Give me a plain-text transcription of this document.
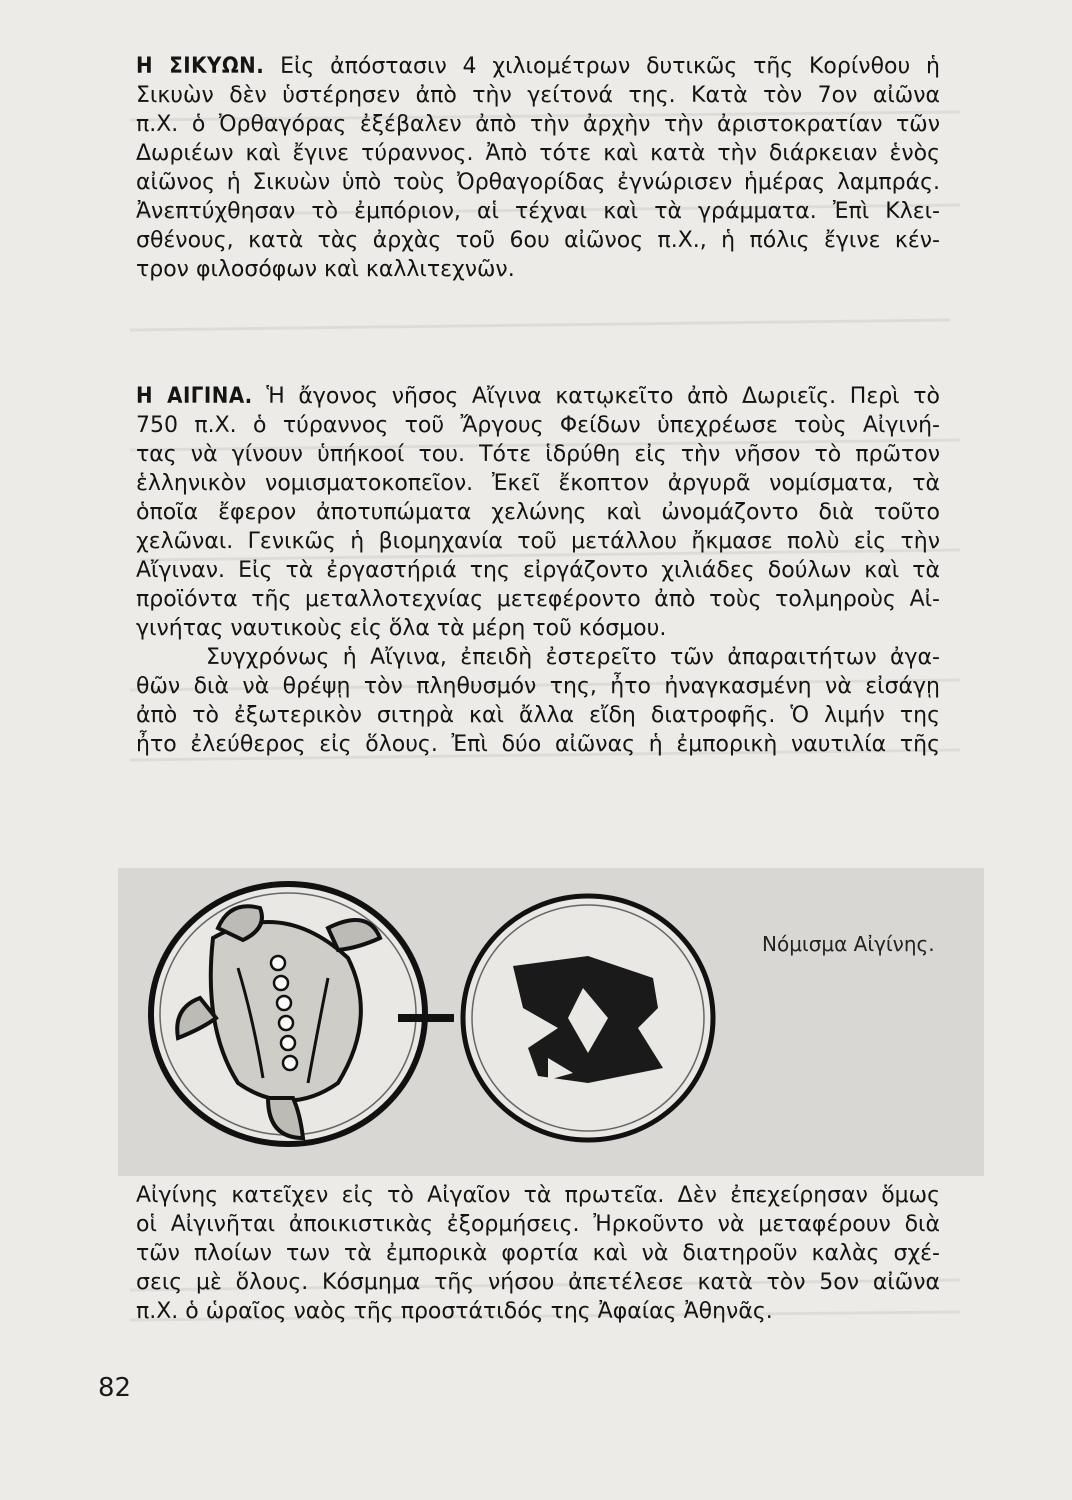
Η ΣΙΚΥΩΝ. Εἰς ἀπόστασιν 4 χιλιομέτρων δυτικῶς τῆς Κορίνθου ἡ
Σικυὼν δὲν ὑστέρησεν ἀπὸ τὴν γείτονά της. Κατὰ τὸν 7ον αἰῶνα
π.Χ. ὁ Ὀρθαγόρας ἐξέβαλεν ἀπὸ τὴν ἀρχὴν τὴν ἀριστοκρατίαν τῶν
Δωριέων καὶ ἔγινε τύραννος. Ἀπὸ τότε καὶ κατὰ τὴν διάρκειαν ἑνὸς
αἰῶνος ἡ Σικυὼν ὑπὸ τοὺς Ὀρθαγορίδας ἐγνώρισεν ἡμέρας λαμπράς.
Ἀνεπτύχθησαν τὸ ἐμπόριον, αἱ τέχναι καὶ τὰ γράμματα. Ἐπὶ Κλει-
σθένους, κατὰ τὰς ἀρχὰς τοῦ 6ου αἰῶνος π.Χ., ἡ πόλις ἔγινε κέν-
τρον φιλοσόφων καὶ καλλιτεχνῶν.
Η ΑΙΓΙΝΑ. Ἡ ἄγονος νῆσος Αἴγινα κατῳκεῖτο ἀπὸ Δωριεῖς. Περὶ τὸ
750 π.Χ. ὁ τύραννος τοῦ Ἄργους Φείδων ὑπεχρέωσε τοὺς Αἰγινή-
τας νὰ γίνουν ὑπήκοοί του. Τότε ἱδρύθη εἰς τὴν νῆσον τὸ πρῶτον
ἑλληνικὸν νομισματοκοπεῖον. Ἐκεῖ ἔκοπτον ἀργυρᾶ νομίσματα, τὰ
ὁποῖα ἔφερον ἀποτυπώματα χελώνης καὶ ὠνομάζοντο διὰ τοῦτο
χελῶναι. Γενικῶς ἡ βιομηχανία τοῦ μετάλλου ἤκμασε πολὺ εἰς τὴν
Αἴγιναν. Εἰς τὰ ἐργαστήριά της εἰργάζοντο χιλιάδες δούλων καὶ τὰ
προϊόντα τῆς μεταλλοτεχνίας μετεφέροντο ἀπὸ τοὺς τολμηροὺς Αἰ-
γινήτας ναυτικοὺς εἰς ὅλα τὰ μέρη τοῦ κόσμου.
Συγχρόνως ἡ Αἴγινα, ἐπειδὴ ἐστερεῖτο τῶν ἀπαραιτήτων ἀγα-
θῶν διὰ νὰ θρέψῃ τὸν πληθυσμόν της, ἦτο ἠναγκασμένη νὰ εἰσάγῃ
ἀπὸ τὸ ἐξωτερικὸν σιτηρὰ καὶ ἄλλα εἴδη διατροφῆς. Ὁ λιμήν της
ἦτο ἐλεύθερος εἰς ὅλους. Ἐπὶ δύο αἰῶνας ἡ ἐμπορικὴ ναυτιλία τῆς
Νόμισμα Αἰγίνης.
Αἰγίνης κατεῖχεν εἰς τὸ Αἰγαῖον τὰ πρωτεῖα. Δὲν ἐπεχείρησαν ὅμως
οἱ Αἰγινῆται ἀποικιστικὰς ἐξορμήσεις. Ἠρκοῦντο νὰ μεταφέρουν διὰ
τῶν πλοίων των τὰ ἐμπορικὰ φορτία καὶ νὰ διατηροῦν καλὰς σχέ-
σεις μὲ ὅλους. Κόσμημα τῆς νήσου ἀπετέλεσε κατὰ τὸν 5ον αἰῶνα
π.Χ. ὁ ὡραῖος ναὸς τῆς προστάτιδός της Ἀφαίας Ἀθηνᾶς.
82
